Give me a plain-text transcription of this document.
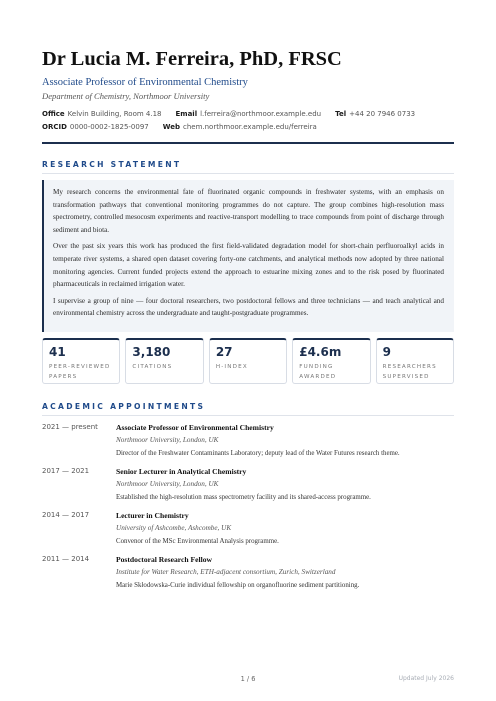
Dr Lucia M. Ferreira, PhD, FRSC
Associate Professor of Environmental Chemistry
Department of Chemistry, Northmoor University
Office Kelvin Building, Room 4.18 Email l.ferreira@northmoor.example.edu Tel +44 20 7946 0733
ORCID 0000-0002-1825-0097 Web chem.northmoor.example.edu/ferreira
RESEARCH STATEMENT

My research concerns the environmental fate of fluorinated organic compounds in freshwater systems, with an emphasis on transformation pathways that conventional monitoring programmes do not capture. The group combines high-resolution mass spectrometry, controlled mesocosm experiments and reactive-transport modelling to trace compounds from point of discharge through sediment and biota.

Over the past six years this work has produced the first field-validated degradation model for short-chain perfluoroalkyl acids in temperate river systems, a shared open dataset covering forty-one catchments, and analytical methods now adopted by three national monitoring agencies. Current funded projects extend the approach to estuarine mixing zones and to the risk posed by fluorinated pharmaceuticals in reclaimed irrigation water.

I supervise a group of nine — four doctoral researchers, two postdoctoral fellows and three technicians — and teach analytical and environmental chemistry across the undergraduate and taught-postgraduate programmes.

41
PEER-REVIEWED PAPERS
3,180
CITATIONS
27
H-INDEX
£4.6m
FUNDING AWARDED
9
RESEARCHERS SUPERVISED
ACADEMIC APPOINTMENTS
2021 — present	Associate Professor of Environmental Chemistry
Northmoor University, London, UK
Director of the Freshwater Contaminants Laboratory; deputy lead of the Water Futures research theme.
2017 — 2021	Senior Lecturer in Analytical Chemistry
Northmoor University, London, UK
Established the high-resolution mass spectrometry facility and its shared-access programme.
2014 — 2017	Lecturer in Chemistry
University of Ashcombe, Ashcombe, UK
Convenor of the MSc Environmental Analysis programme.
2011 — 2014	Postdoctoral Research Fellow
Institute for Water Research, ETH-adjacent consortium, Zurich, Switzerland
Marie Skłodowska-Curie individual fellowship on organofluorine sediment partitioning.
1 / 6	Updated July 2026
